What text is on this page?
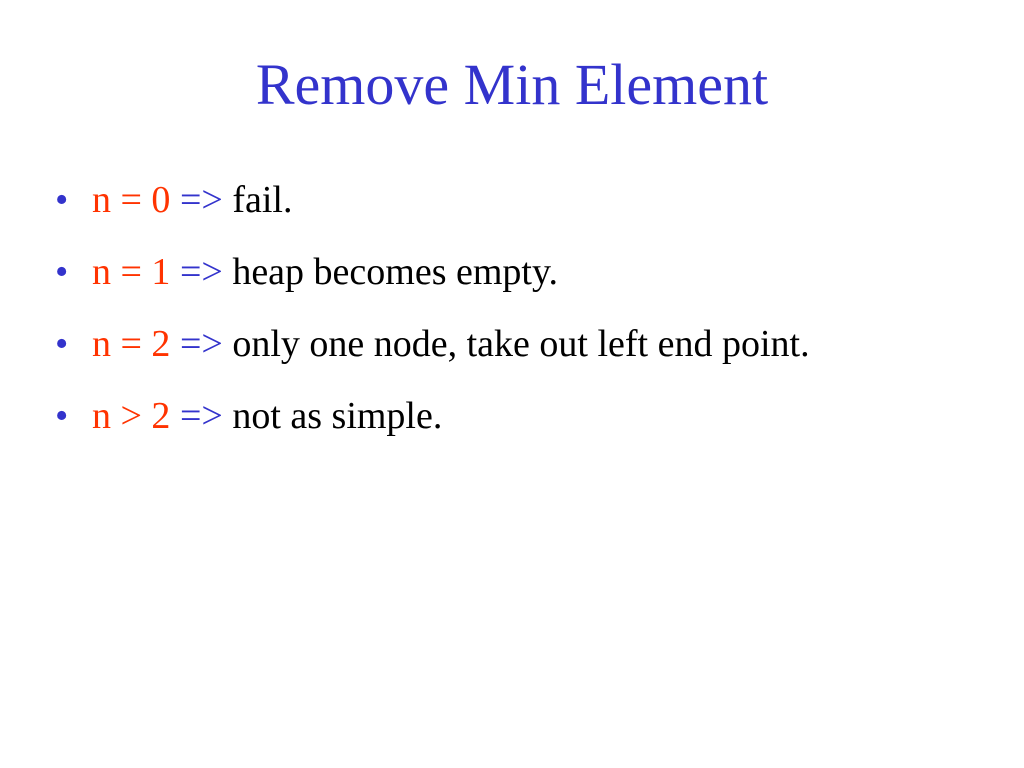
Remove Min Element
• n = 0 => fail.
• n = 1 => heap becomes empty.
• n = 2 => only one node, take out left end point.
• n > 2 => not as simple.
